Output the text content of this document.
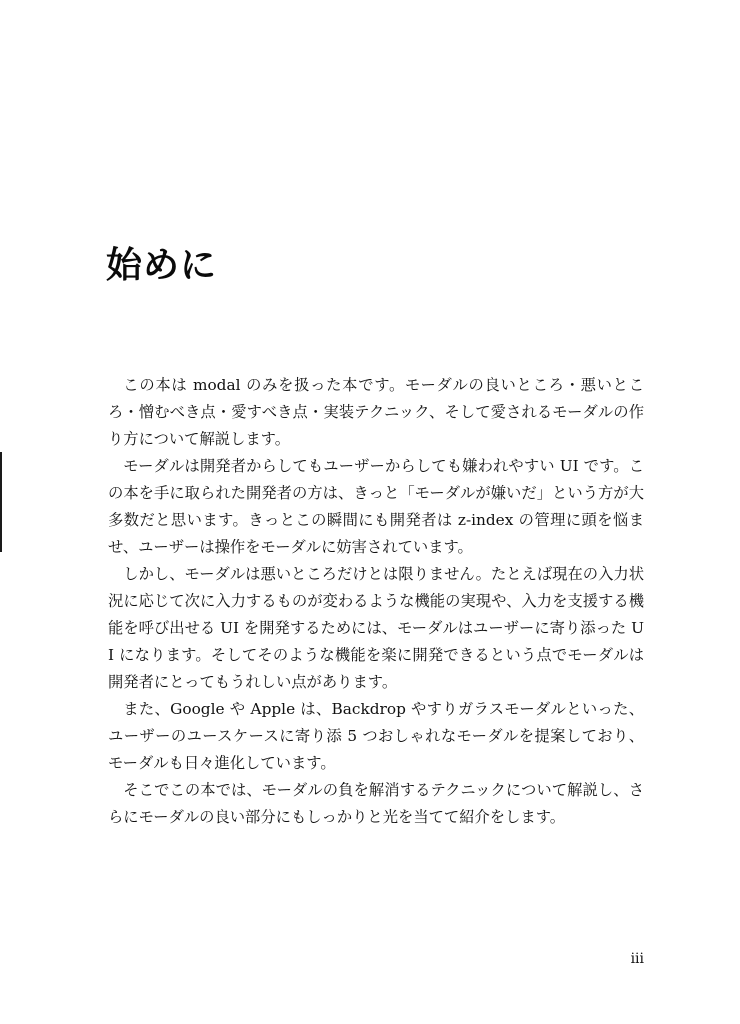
始めに

この本は modal のみを扱った本です。モーダルの良いところ・悪いところ・憎むべき点・愛すべき点・実装テクニック、そして愛されるモーダルの作り方について解説します。

モーダルは開発者からしてもユーザーからしても嫌われやすい UI です。この本を手に取られた開発者の方は、きっと「モーダルが嫌いだ」という方が大多数だと思います。きっとこの瞬間にも開発者は z-index の管理に頭を悩ませ、ユーザーは操作をモーダルに妨害されています。

しかし、モーダルは悪いところだけとは限りません。たとえば現在の入力状況に応じて次に入力するものが変わるような機能の実現や、入力を支援する機能を呼び出せる UI を開発するためには、モーダルはユーザーに寄り添った UI になります。そしてそのような機能を楽に開発できるという点でモーダルは開発者にとってもうれしい点があります。

また、Google や Apple は、Backdrop やすりガラスモーダルといった、ユーザーのユースケースに寄り添 5 つおしゃれなモーダルを提案しており、モーダルも日々進化しています。

そこでこの本では、モーダルの負を解消するテクニックについて解説し、さらにモーダルの良い部分にもしっかりと光を当てて紹介をします。

iii
